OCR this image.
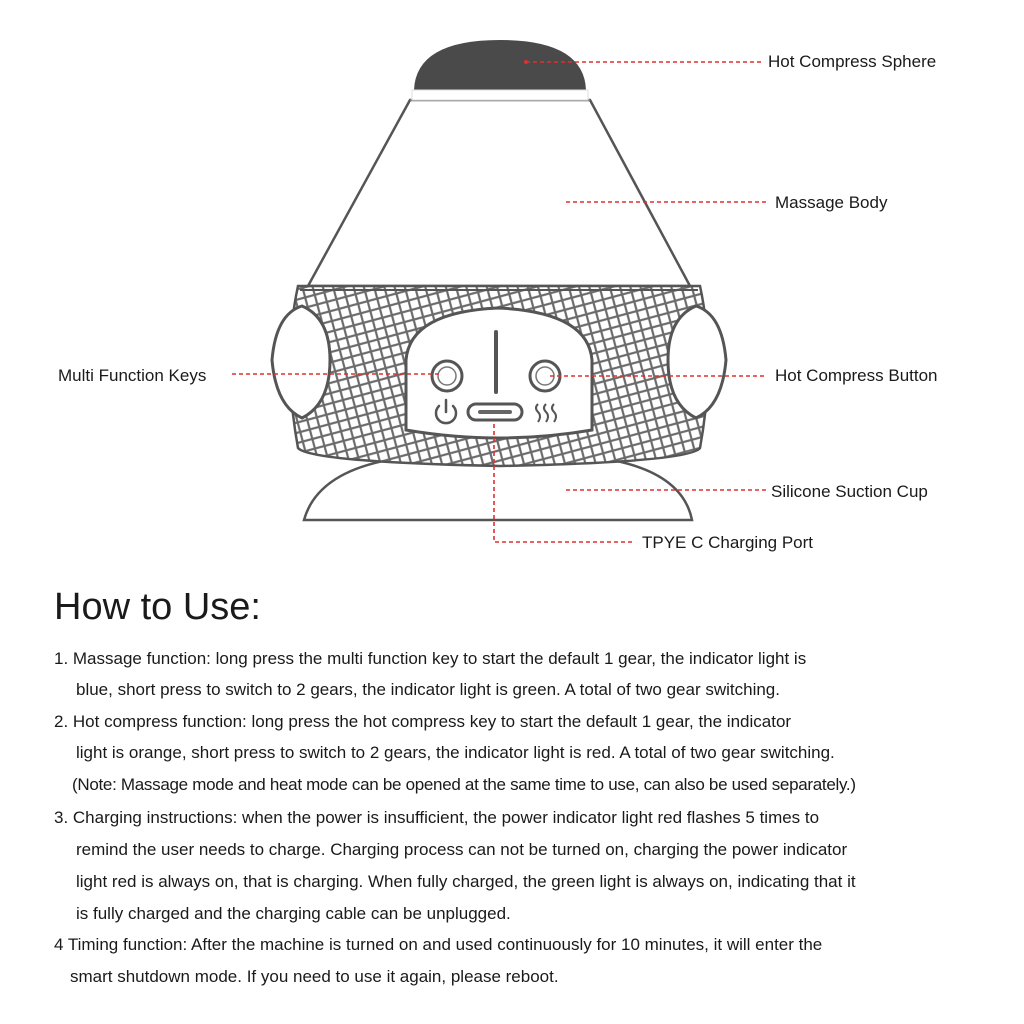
Hot Compress Sphere
Massage Body
Multi Function Keys	Hot Compress Button
Silicone Suction Cup
TPYE C Charging Port
How to Use:
1. Massage function: long press the multi function key to start the default 1 gear, the indicator light is
blue, short press to switch to 2 gears, the indicator light is green. A total of two gear switching.
2. Hot compress function: long press the hot compress key to start the default 1 gear, the indicator
light is orange, short press to switch to 2 gears, the indicator light is red. A total of two gear switching.
(Note: Massage mode and heat mode can be opened at the same time to use, can also be used separately.)
3. Charging instructions: when the power is insufficient, the power indicator light red flashes 5 times to
remind the user needs to charge. Charging process can not be turned on, charging the power indicator
light red is always on, that is charging. When fully charged, the green light is always on, indicating that it
is fully charged and the charging cable can be unplugged.
4 Timing function: After the machine is turned on and used continuously for 10 minutes, it will enter the
smart shutdown mode. If you need to use it again, please reboot.
